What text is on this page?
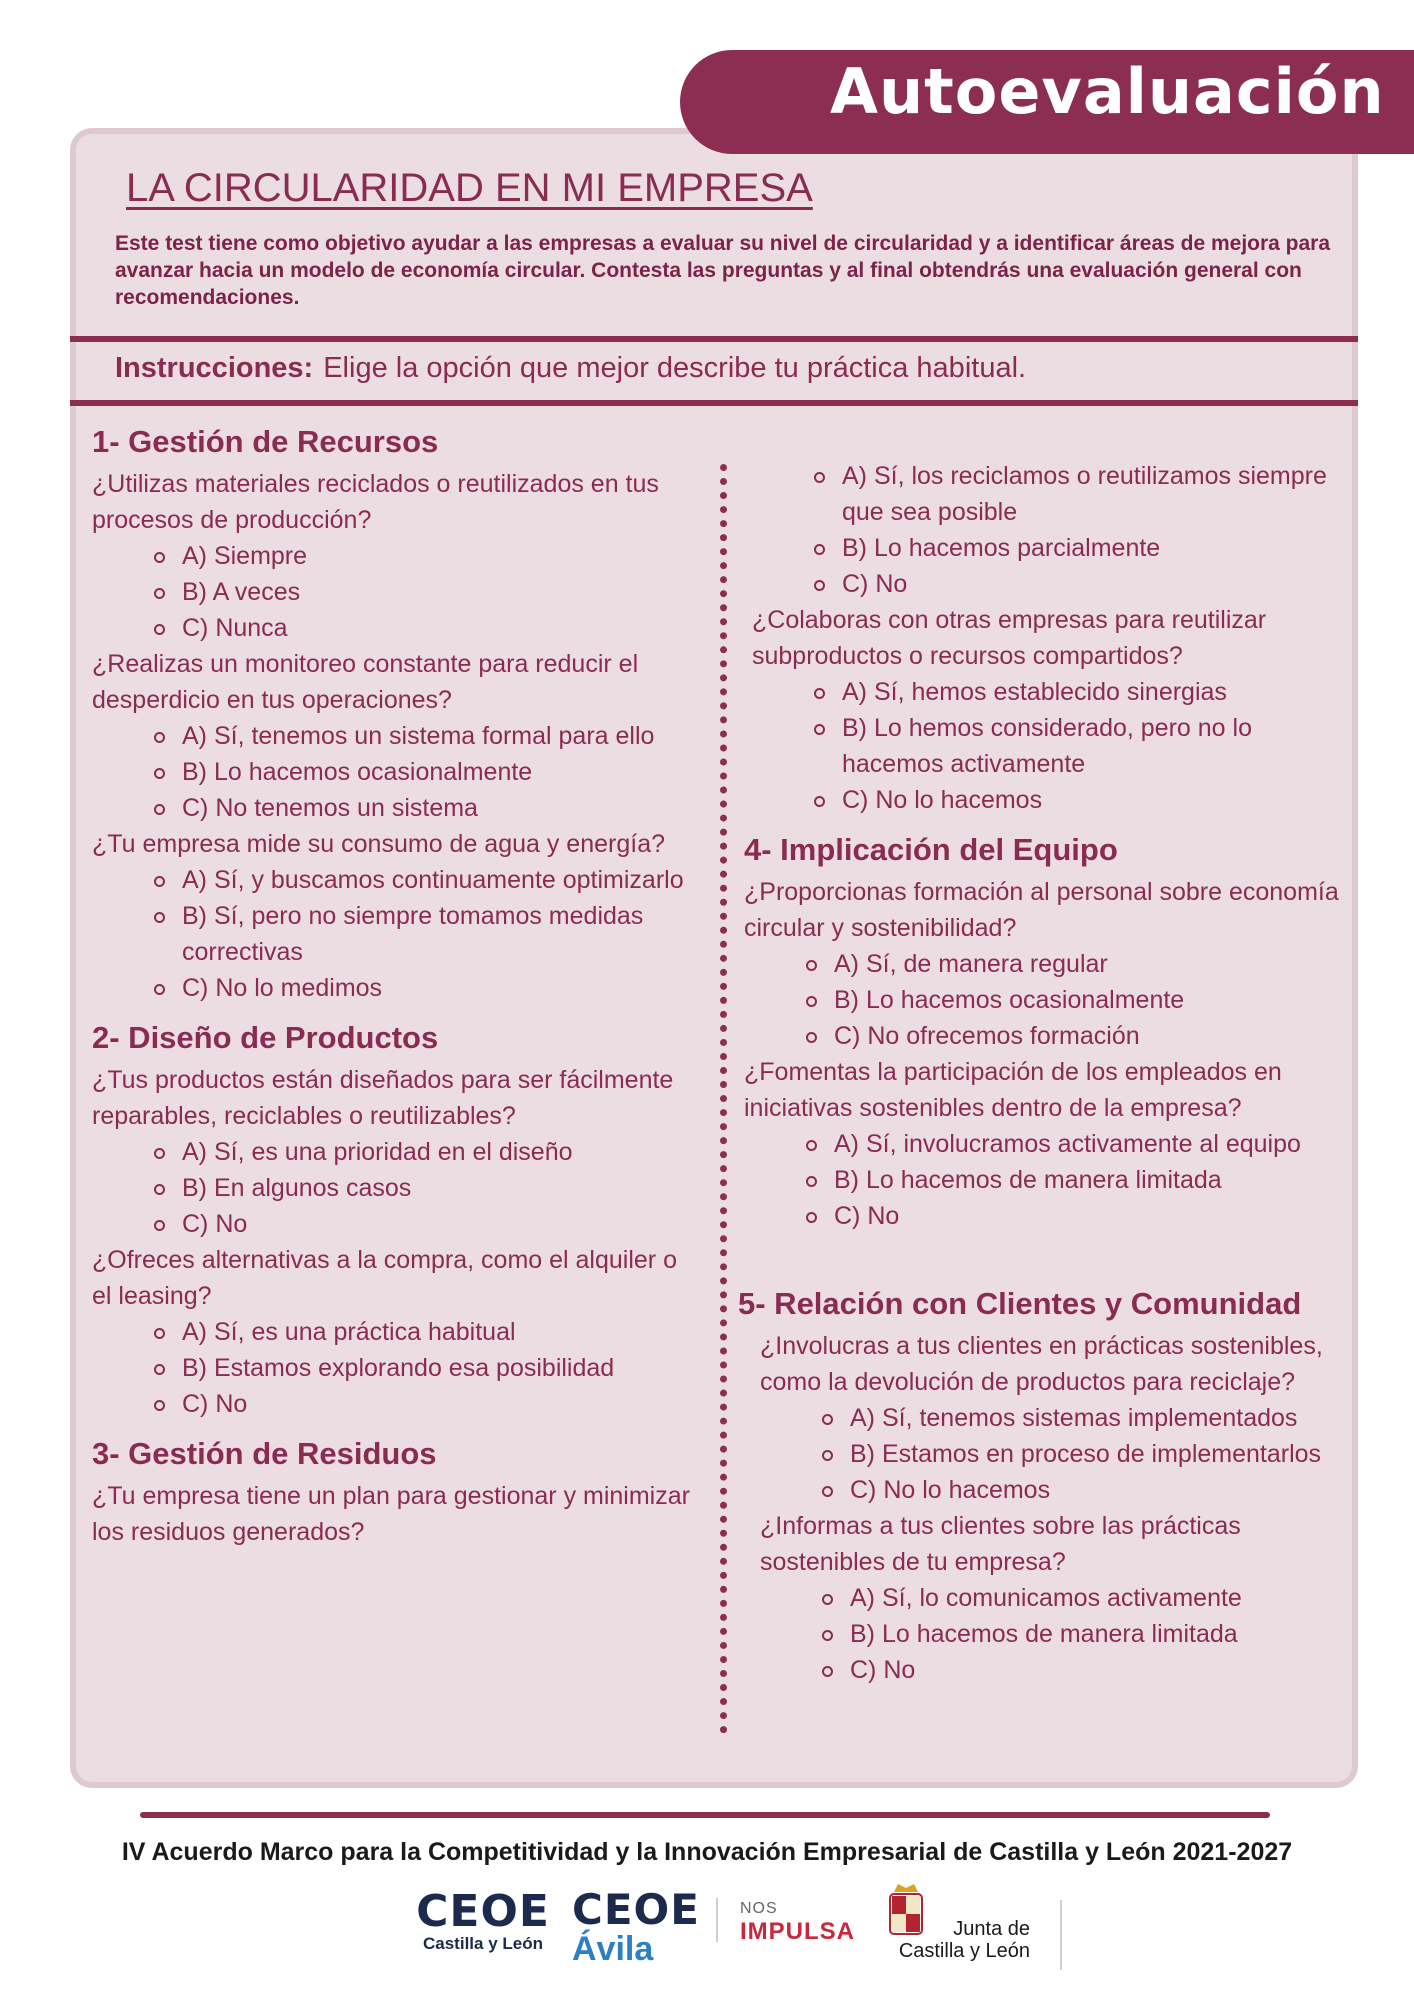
Autoevaluación
LA CIRCULARIDAD EN MI EMPRESA

Este test tiene como objetivo ayudar a las empresas a evaluar su nivel de circularidad y a identificar áreas de mejora para avanzar hacia un modelo de economía circular. Contesta las preguntas y al final obtendrás una evaluación general con recomendaciones.

Instrucciones: Elige la opción que mejor describe tu práctica habitual.
1- Gestión de Recursos

¿Utilizas materiales reciclados o reutilizados en tus procesos de producción?

A) Siempre
B) A veces
C) Nunca

¿Realizas un monitoreo constante para reducir el desperdicio en tus operaciones?

A) Sí, tenemos un sistema formal para ello
B) Lo hacemos ocasionalmente
C) No tenemos un sistema

¿Tu empresa mide su consumo de agua y energía?

A) Sí, y buscamos continuamente optimizarlo
B) Sí, pero no siempre tomamos medidas correctivas
C) No lo medimos
2- Diseño de Productos

¿Tus productos están diseñados para ser fácilmente reparables, reciclables o reutilizables?

A) Sí, es una prioridad en el diseño
B) En algunos casos
C) No

¿Ofreces alternativas a la compra, como el alquiler o el leasing?

A) Sí, es una práctica habitual
B) Estamos explorando esa posibilidad
C) No
3- Gestión de Residuos

¿Tu empresa tiene un plan para gestionar y minimizar los residuos generados?

A) Sí, los reciclamos o reutilizamos siempre que sea posible
B) Lo hacemos parcialmente
C) No

¿Colaboras con otras empresas para reutilizar subproductos o recursos compartidos?

A) Sí, hemos establecido sinergias
B) Lo hemos considerado, pero no lo hacemos activamente
C) No lo hacemos
4- Implicación del Equipo

¿Proporcionas formación al personal sobre economía circular y sostenibilidad?

A) Sí, de manera regular
B) Lo hacemos ocasionalmente
C) No ofrecemos formación

¿Fomentas la participación de los empleados en iniciativas sostenibles dentro de la empresa?

A) Sí, involucramos activamente al equipo
B) Lo hacemos de manera limitada
C) No
5- Relación con Clientes y Comunidad

¿Involucras a tus clientes en prácticas sostenibles, como la devolución de productos para reciclaje?

A) Sí, tenemos sistemas implementados
B) Estamos en proceso de implementarlos
C) No lo hacemos

¿Informas a tus clientes sobre las prácticas sostenibles de tu empresa?

A) Sí, lo comunicamos activamente
B) Lo hacemos de manera limitada
C) No

IV Acuerdo Marco para la Competitividad y la Innovación Empresarial de Castilla y León 2021-2027

CEOE
Castilla y León
CEOE
Ávila
NOS
IMPULSA	Junta de
Castilla y León
